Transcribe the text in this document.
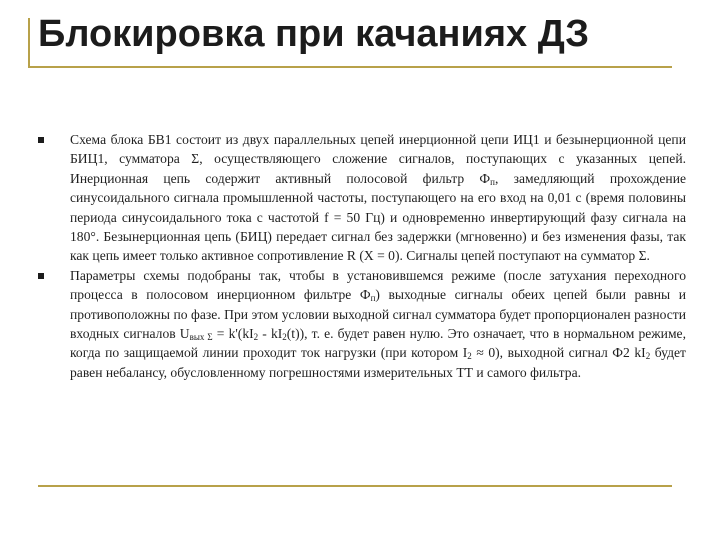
Блокировка при качаниях ДЗ
Схема блока БВ1 состоит из двух параллельных цепей инерционной цепи ИЦ1 и безынерционной цепи БИЦ1, сумматора Σ, осуществляющего сложение сигналов, поступающих с указанных цепей. Инерционная цепь содержит активный полосовой фильтр $Ф_п$, замедляющий прохождение синусоидального сигнала промышленной частоты, поступающего на его вход на 0,01 с (время половины периода синусоидального тока с частотой f = 50 Гц) и одновременно инвертирующий фазу сигнала на 180°. Безынерционная цепь (БИЦ) передает сигнал без задержки (мгновенно) и без изменения фазы, так как цепь имеет только активное сопротивление R (X = 0). Сигналы цепей поступают на сумматор Σ.
Параметры схемы подобраны так, чтобы в установившемся режиме (после затухания переходного процесса в полосовом инерционном фильтре $Ф_п$) выходные сигналы обеих цепей были равны и противоположны по фазе. При этом условии выходной сигнал сумматора будет пропорционален разности входных сигналов $U_{вых \Sigma} = k'(kI_2 - kI_2(t))$, т. е. будет равен нулю. Это означает, что в нормальном режиме, когда по защищаемой линии проходит ток нагрузки (при котором $I_2 \approx 0$), выходной сигнал Ф2 $kI_2$ будет равен небалансу, обусловленному погрешностями измерительных ТТ и самого фильтра.
